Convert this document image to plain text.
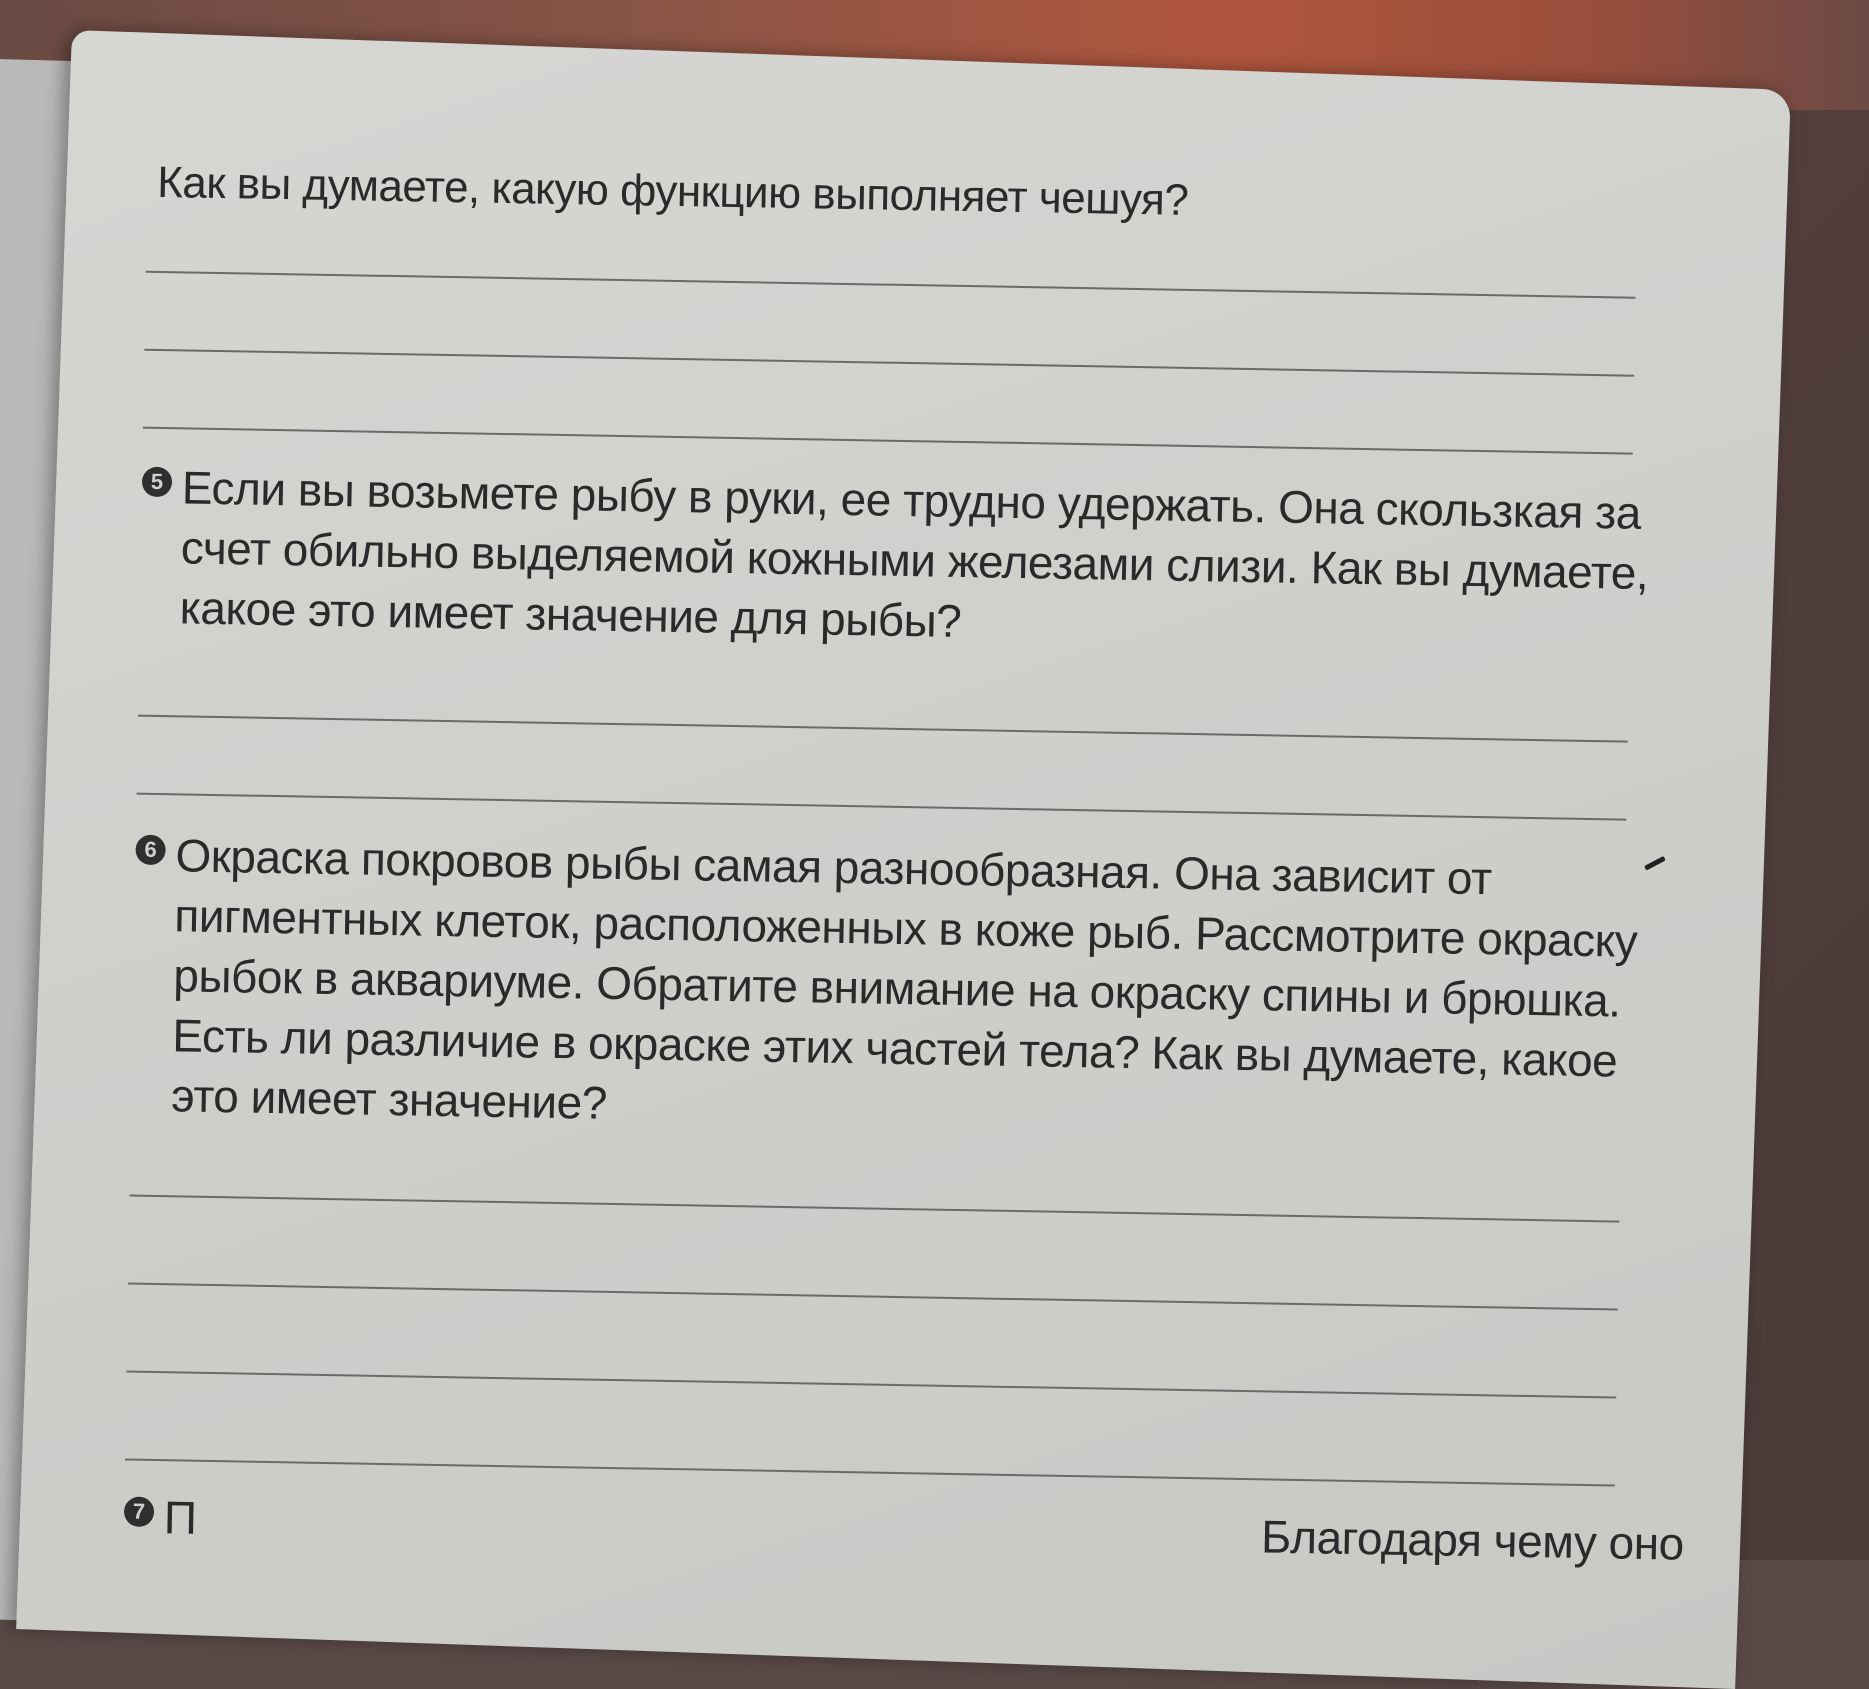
Как вы думаете, какую функцию выполняет чешуя?

5 Если вы возьмете рыбу в руки, ее трудно удержать. Она скользкая за счет обильно выделяемой кожными железами слизи. Как вы думаете, какое это имеет значение для рыбы?
6 Окраска покровов рыбы самая разнообразная. Она зависит от пигментных клеток, расположенных в коже рыб. Рассмотрите окраску рыбок в аквариуме. Обратите внимание на окраску спины и брюшка. Есть ли различие в окраске этих частей тела? Как вы думаете, какое это имеет значение?
7 П	Благодаря чему оно
